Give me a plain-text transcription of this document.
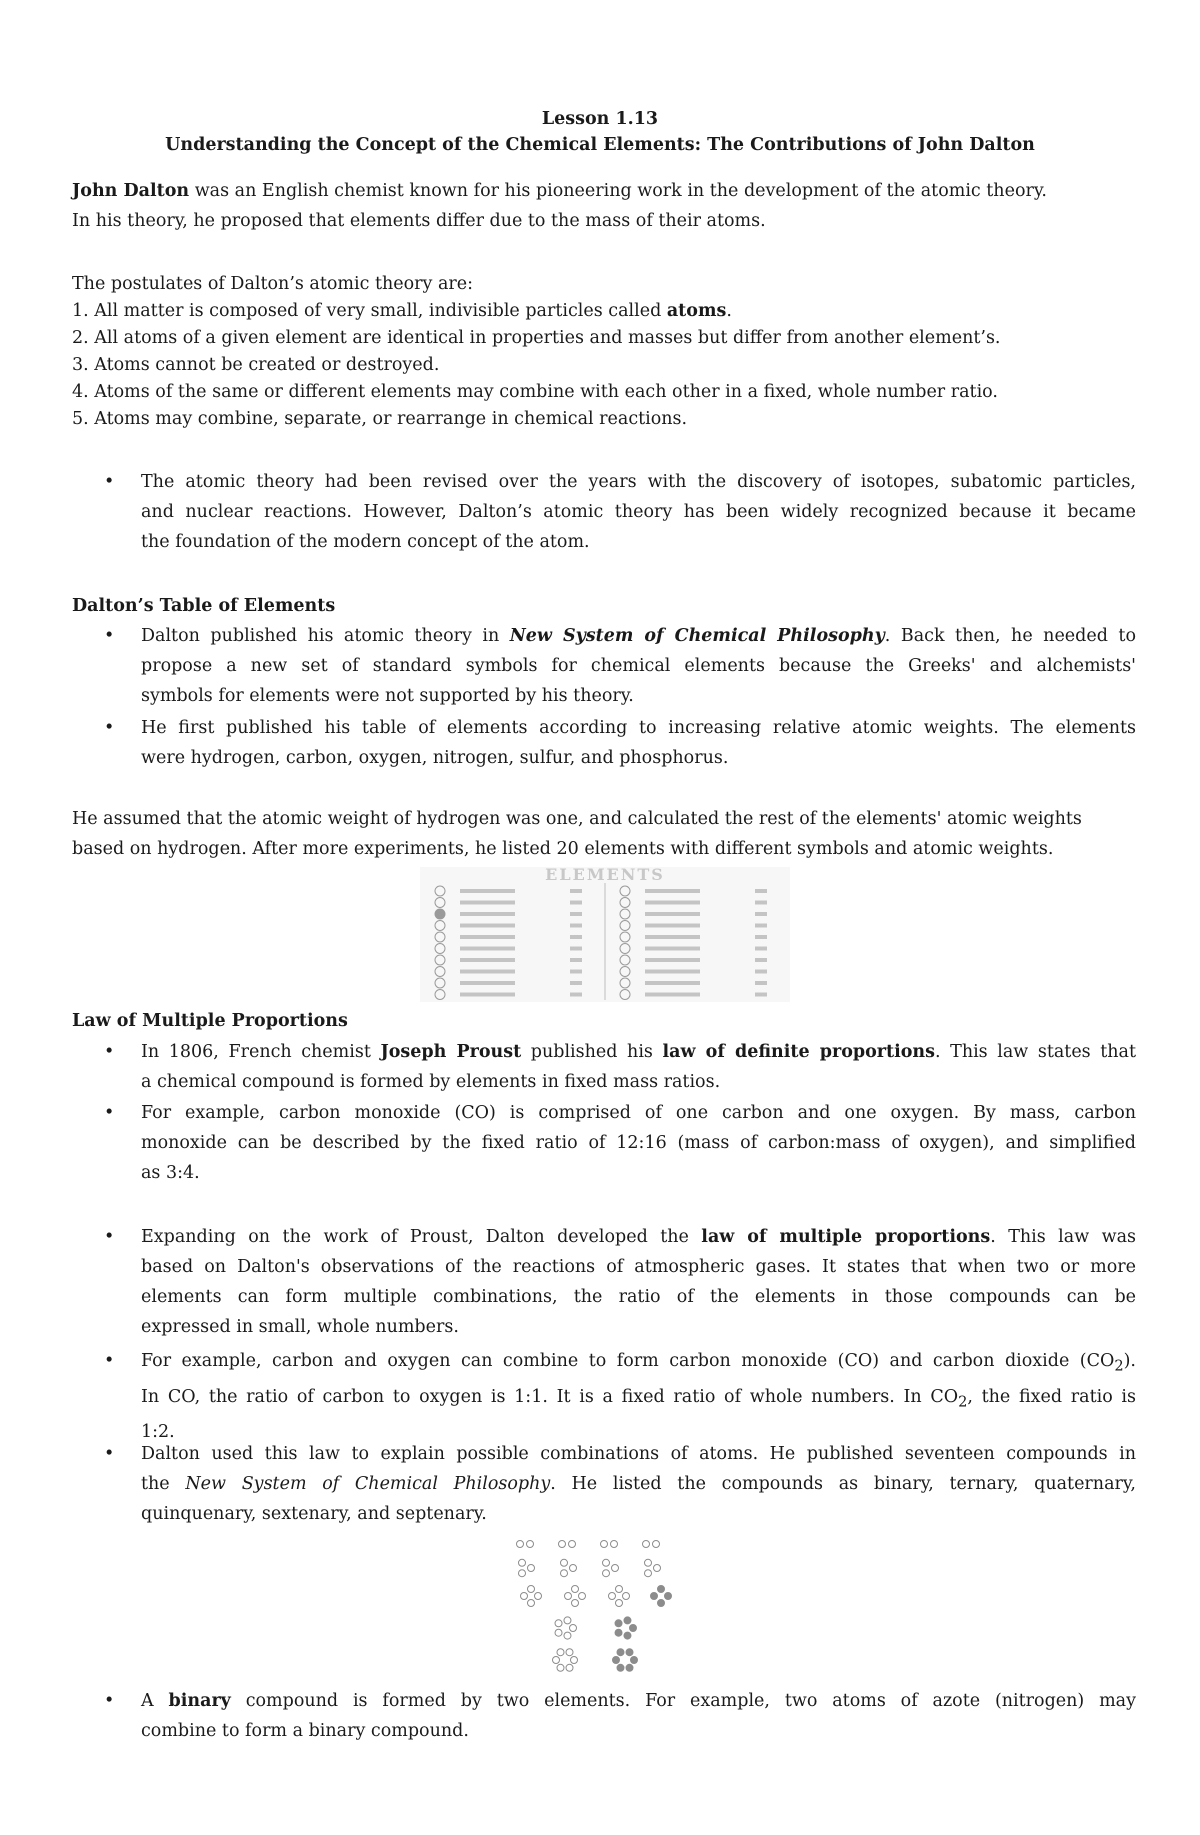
Lesson 1.13
Understanding the Concept of the Chemical Elements: The Contributions of John Dalton
John Dalton was an English chemist known for his pioneering work in the development of the atomic theory.
In his theory, he proposed that elements differ due to the mass of their atoms.
The postulates of Dalton’s atomic theory are:
1. All matter is composed of very small, indivisible particles called atoms.
2. All atoms of a given element are identical in properties and masses but differ from another element’s.
3. Atoms cannot be created or destroyed.
4. Atoms of the same or different elements may combine with each other in a fixed, whole number ratio.
5. Atoms may combine, separate, or rearrange in chemical reactions.
•	The atomic theory had been revised over the years with the discovery of isotopes, subatomic particles,
and nuclear reactions. However, Dalton’s atomic theory has been widely recognized because it became
the foundation of the modern concept of the atom.
Dalton’s Table of Elements
•	Dalton published his atomic theory in New System of Chemical Philosophy. Back then, he needed to
propose a new set of standard symbols for chemical elements because the Greeks' and alchemists'
symbols for elements were not supported by his theory.
•	He first published his table of elements according to increasing relative atomic weights. The elements
were hydrogen, carbon, oxygen, nitrogen, sulfur, and phosphorus.
He assumed that the atomic weight of hydrogen was one, and calculated the rest of the elements' atomic weights
based on hydrogen. After more experiments, he listed 20 elements with different symbols and atomic weights.
ELEMENTS
Law of Multiple Proportions
•	In 1806, French chemist Joseph Proust published his law of definite proportions. This law states that
a chemical compound is formed by elements in fixed mass ratios.
•	For example, carbon monoxide (CO) is comprised of one carbon and one oxygen. By mass, carbon
monoxide can be described by the fixed ratio of 12:16 (mass of carbon:mass of oxygen), and simplified
as 3:4.
•	Expanding on the work of Proust, Dalton developed the law of multiple proportions. This law was
based on Dalton's observations of the reactions of atmospheric gases. It states that when two or more
elements can form multiple combinations, the ratio of the elements in those compounds can be
expressed in small, whole numbers.
•	For example, carbon and oxygen can combine to form carbon monoxide (CO) and carbon dioxide $(CO_2)$.
In CO, the ratio of carbon to oxygen is 1:1. It is a fixed ratio of whole numbers. In $CO_2$, the fixed ratio is
1:2.
•	Dalton used this law to explain possible combinations of atoms. He published seventeen compounds in
the New System of Chemical Philosophy. He listed the compounds as binary, ternary, quaternary,
quinquenary, sextenary, and septenary.
•	A binary compound is formed by two elements. For example, two atoms of azote (nitrogen) may
combine to form a binary compound.
